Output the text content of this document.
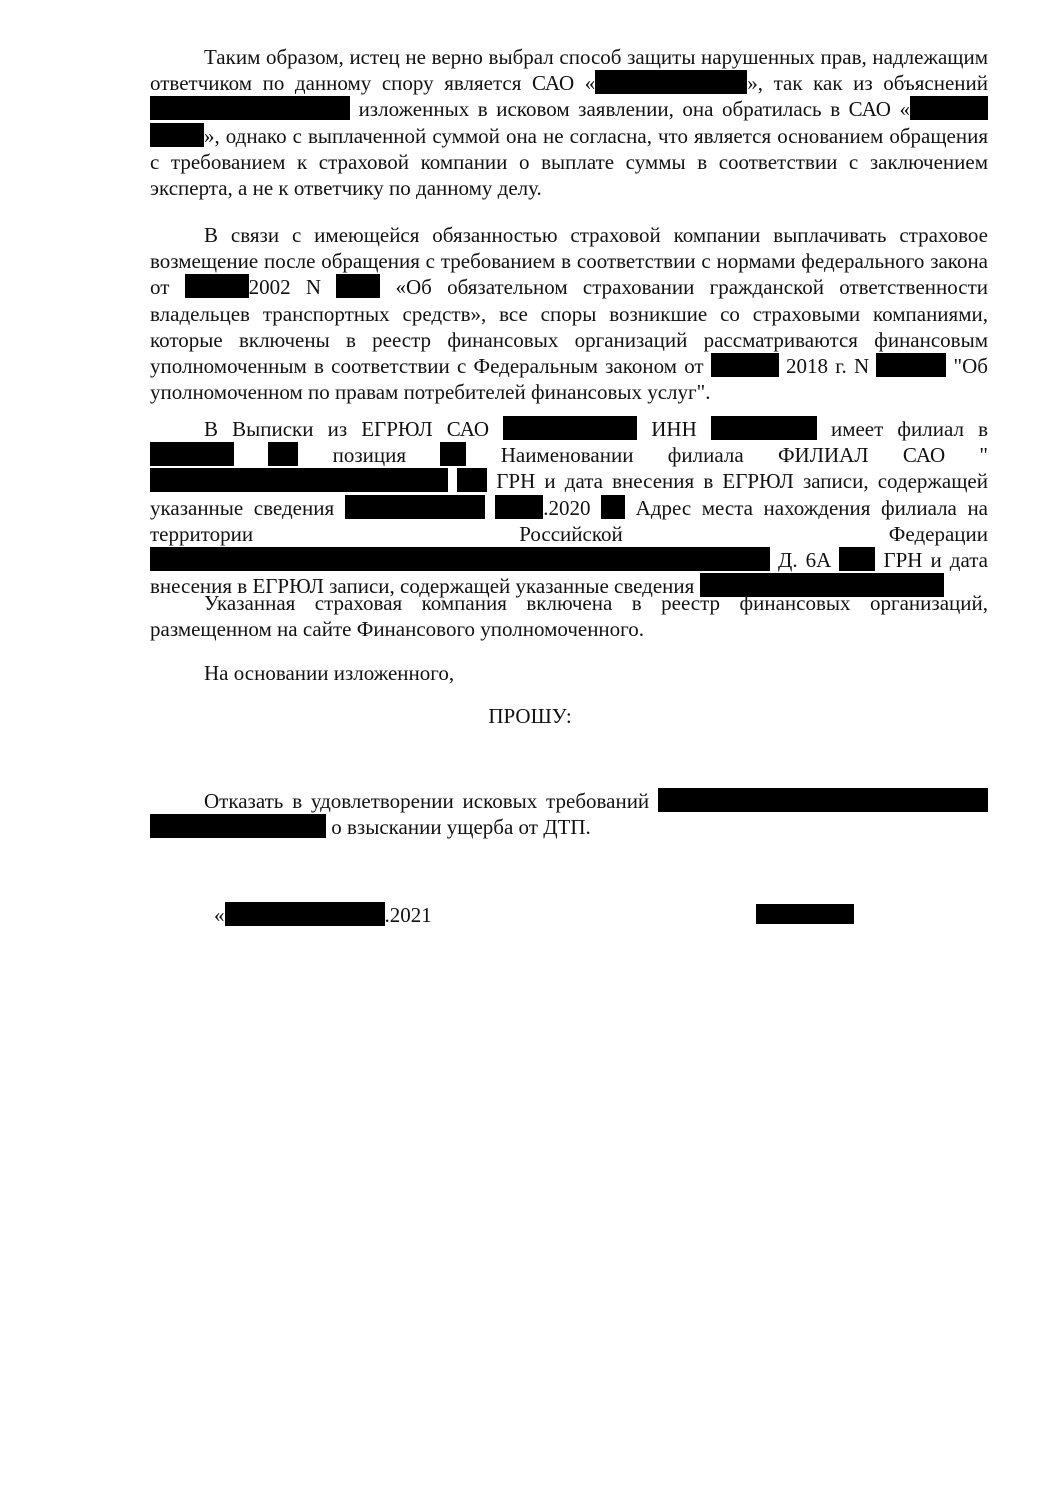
Таким образом, истец не верно выбрал способ защиты нарушенных прав, надлежащим ответчиком по данному спору является САО «	», так как из объяснений  изложенных в исковом заявлении, она обратилась в САО «», однако с выплаченной суммой она не согласна, что является основанием обращения с требованием к страховой компании о выплате суммы в соответствии с заключением эксперта, а не к ответчику по данному делу.

В связи с имеющейся обязанностью страховой компании выплачивать страховое возмещение после обращения с требованием в соответствии с нормами федерального закона от	2002 N  «Об обязательном страховании гражданской ответственности владельцев транспортных средств», все споры возникшие со страховыми компаниями, которые включены в реестр финансовых организаций рассматриваются финансовым уполномоченным в соответствии с Федеральным законом от	2018 г. N	"Об уполномоченном по правам потребителей финансовых услуг".

В Выписки из ЕГРЮЛ САО	ИНН	имеет филиал в   позиция  Наименовании филиала ФИЛИАЛ САО "  ГРН и дата внесения в ЕГРЮЛ записи, содержащей указанные сведения	.2020  Адрес места нахождения филиала на территории Российской Федерации  Д. 6А  ГРН и дата внесения в ЕГРЮЛ записи, содержащей указанные сведения

Указанная страховая компания включена в реестр финансовых организаций, размещенном на сайте Финансового уполномоченного.

На основании изложенного,

ПРОШУ:

Отказать в удовлетворении исковых требований   о взыскании ущерба от ДТП.

«	.2021
